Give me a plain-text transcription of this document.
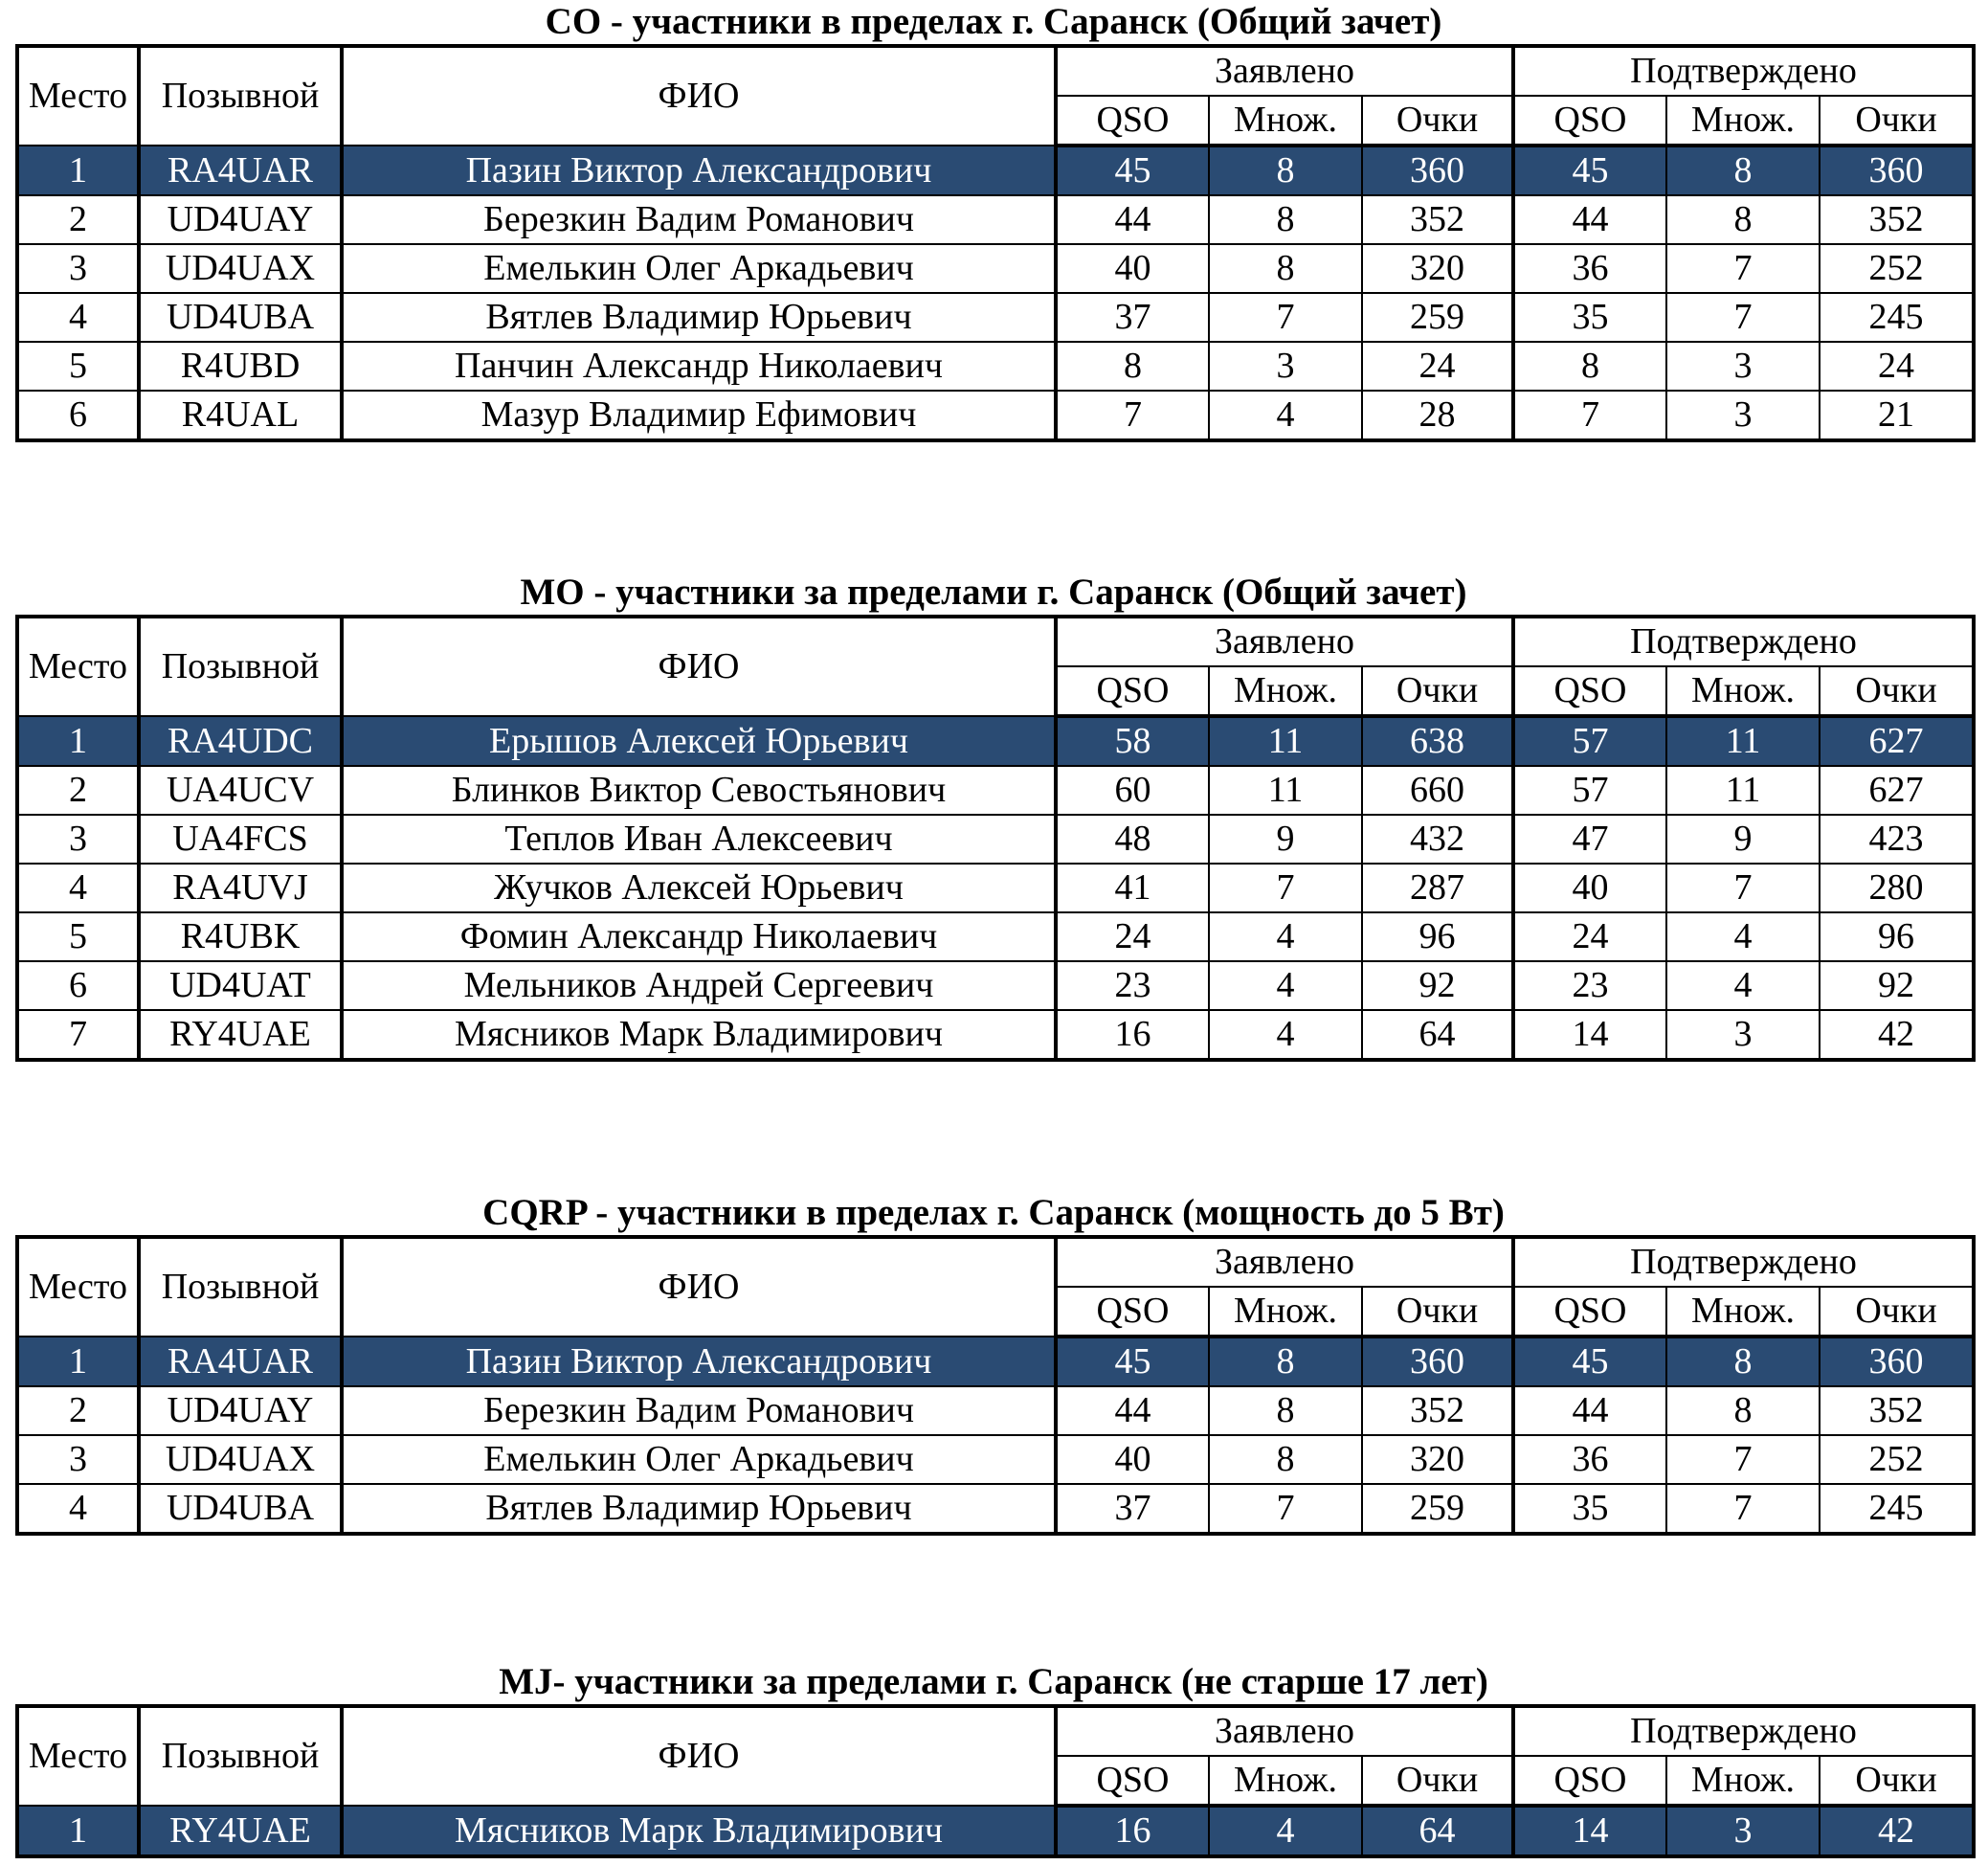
CO - участники в пределах г. Саранск (Общий зачет)
Место	Позывной	ФИО	Заявлено			Подтверждено		
			QSO	Множ.	Очки	QSO	Множ.	Очки
1	RA4UAR	Пазин Виктор Александрович	45	8	360	45	8	360
2	UD4UAY	Березкин Вадим Романович	44	8	352	44	8	352
3	UD4UAX	Емелькин Олег Аркадьевич	40	8	320	36	7	252
4	UD4UBA	Вятлев Владимир Юрьевич	37	7	259	35	7	245
5	R4UBD	Панчин Александр Николаевич	8	3	24	8	3	24
6	R4UAL	Мазур Владимир Ефимович	7	4	28	7	3	21
MO - участники за пределами г. Саранск (Общий зачет)
Место	Позывной	ФИО	Заявлено			Подтверждено		
			QSO	Множ.	Очки	QSO	Множ.	Очки
1	RA4UDC	Ерышов Алексей Юрьевич	58	11	638	57	11	627
2	UA4UCV	Блинков Виктор Севостьянович	60	11	660	57	11	627
3	UA4FCS	Теплов Иван Алексеевич	48	9	432	47	9	423
4	RA4UVJ	Жучков Алексей Юрьевич	41	7	287	40	7	280
5	R4UBK	Фомин Александр Николаевич	24	4	96	24	4	96
6	UD4UAT	Мельников Андрей Сергеевич	23	4	92	23	4	92
7	RY4UAE	Мясников Марк Владимирович	16	4	64	14	3	42
CQRP - участники в пределах г. Саранск (мощность до 5 Вт)
Место	Позывной	ФИО	Заявлено			Подтверждено		
			QSO	Множ.	Очки	QSO	Множ.	Очки
1	RA4UAR	Пазин Виктор Александрович	45	8	360	45	8	360
2	UD4UAY	Березкин Вадим Романович	44	8	352	44	8	352
3	UD4UAX	Емелькин Олег Аркадьевич	40	8	320	36	7	252
4	UD4UBA	Вятлев Владимир Юрьевич	37	7	259	35	7	245
MJ- участники за пределами г. Саранск (не старше 17 лет)
Место	Позывной	ФИО	Заявлено			Подтверждено		
			QSO	Множ.	Очки	QSO	Множ.	Очки
1	RY4UAE	Мясников Марк Владимирович	16	4	64	14	3	42
